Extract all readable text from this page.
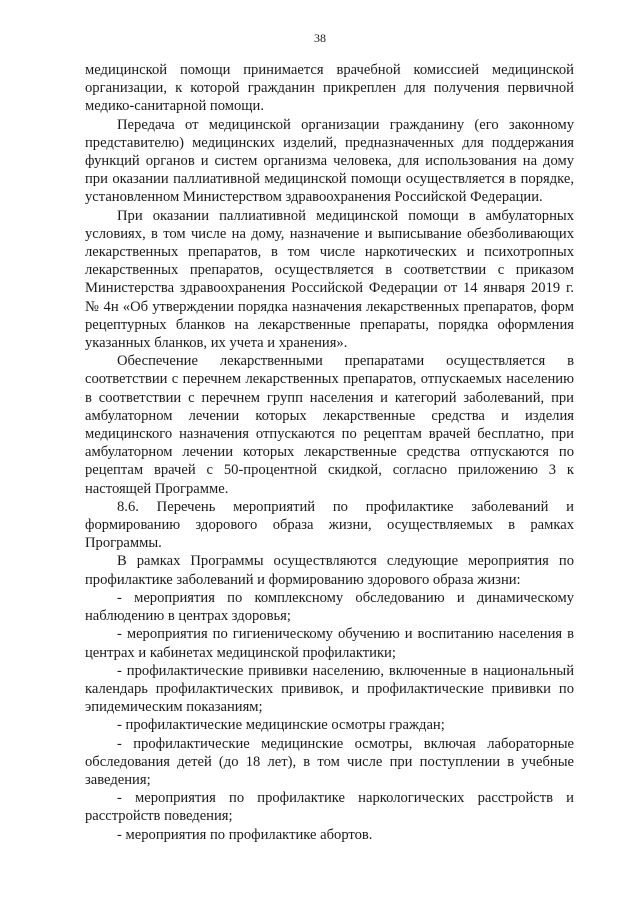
38

медицинской помощи принимается врачебной комиссией медицинской организации, к которой гражданин прикреплен для получения первичной медико-санитарной помощи.

Передача от медицинской организации гражданину (его законному представителю) медицинских изделий, предназначенных для поддержания функций органов и систем организма человека, для использования на дому при оказании паллиативной медицинской помощи осуществляется в порядке, установленном Министерством здравоохранения Российской Федерации.

При оказании паллиативной медицинской помощи в амбулаторных условиях, в том числе на дому, назначение и выписывание обезболивающих лекарственных препаратов, в том числе наркотических и психотропных лекарственных препаратов, осуществляется в соответствии с приказом Министерства здравоохранения Российской Федерации от 14 января 2019 г. № 4н «Об утверждении порядка назначения лекарственных препаратов, форм рецептурных бланков на лекарственные препараты, порядка оформления указанных бланков, их учета и хранения».

Обеспечение лекарственными препаратами осуществляется в соответствии с перечнем лекарственных препаратов, отпускаемых населению в соответствии с перечнем групп населения и категорий заболеваний, при амбулаторном лечении которых лекарственные средства и изделия медицинского назначения отпускаются по рецептам врачей бесплатно, при амбулаторном лечении которых лекарственные средства отпускаются по рецептам врачей с 50-процентной скидкой, согласно приложению 3 к настоящей Программе.

8.6. Перечень мероприятий по профилактике заболеваний и формированию здорового образа жизни, осуществляемых в рамках Программы.

В рамках Программы осуществляются следующие мероприятия по профилактике заболеваний и формированию здорового образа жизни:

- мероприятия по комплексному обследованию и динамическому наблюдению в центрах здоровья;

- мероприятия по гигиеническому обучению и воспитанию населения в центрах и кабинетах медицинской профилактики;

- профилактические прививки населению, включенные в национальный календарь профилактических прививок, и профилактические прививки по эпидемическим показаниям;

- профилактические медицинские осмотры граждан;

- профилактические медицинские осмотры, включая лабораторные обследования детей (до 18 лет), в том числе при поступлении в учебные заведения;

- мероприятия по профилактике наркологических расстройств и расстройств поведения;

- мероприятия по профилактике абортов.
